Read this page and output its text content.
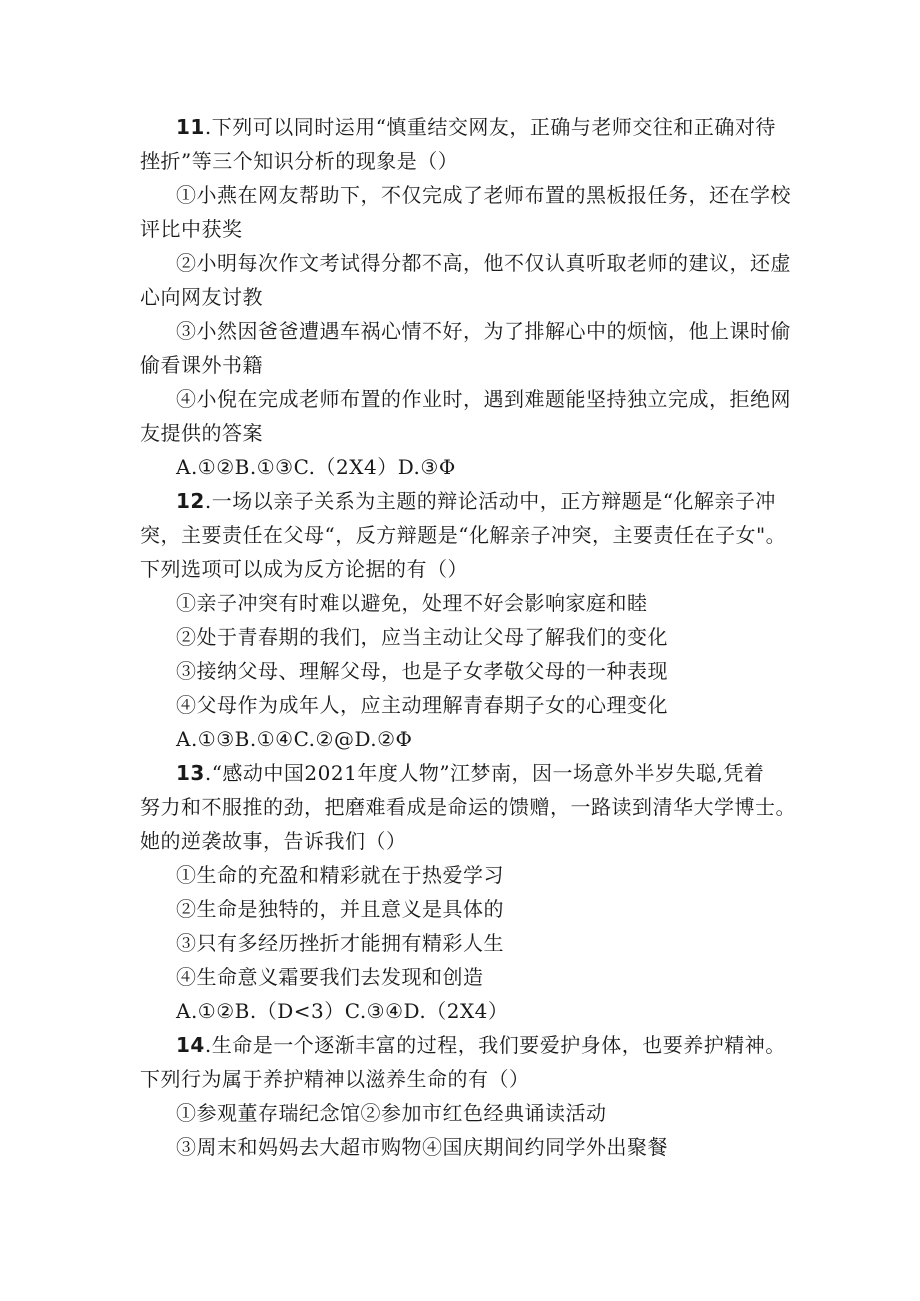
11.下列可以同时运用“慎重结交网友，正确与老师交往和正确对待
挫折”等三个知识分析的现象是（）
①小燕在网友帮助下，不仅完成了老师布置的黑板报任务，还在学校
评比中获奖
②小明每次作文考试得分都不高，他不仅认真听取老师的建议，还虚
心向网友讨教
③小然因爸爸遭遇车祸心情不好，为了排解心中的烦恼，他上课时偷
偷看课外书籍
④小倪在完成老师布置的作业时，遇到难题能坚持独立完成，拒绝网
友提供的答案
A.①②B.①③C.（2X4）D.③Φ
12.一场以亲子关系为主题的辩论活动中，正方辩题是“化解亲子冲
突，主要责任在父母“，反方辩题是“化解亲子冲突，主要责任在子女"。
下列选项可以成为反方论据的有（）
①亲子冲突有时难以避免，处理不好会影响家庭和睦
②处于青春期的我们，应当主动让父母了解我们的变化
③接纳父母、理解父母，也是子女孝敬父母的一种表现
④父母作为成年人，应主动理解青春期子女的心理变化
A.①③B.①④C.②@D.②Φ
13.“感动中国2021年度人物”江梦南，因一场意外半岁失聪,凭着
努力和不服推的劲，把磨难看成是命运的馈赠，一路读到清华大学博士。
她的逆袭故事，告诉我们（）
①生命的充盈和精彩就在于热爱学习
②生命是独特的，并且意义是具体的
③只有多经历挫折才能拥有精彩人生
④生命意义霜要我们去发现和创造
A.①②B.（D<3）C.③④D.（2X4）
14.生命是一个逐渐丰富的过程，我们要爱护身体，也要养护精神。
下列行为属于养护精神以滋养生命的有（）
①参观董存瑞纪念馆②参加市红色经典诵读活动
③周末和妈妈去大超市购物④国庆期间约同学外出聚餐
